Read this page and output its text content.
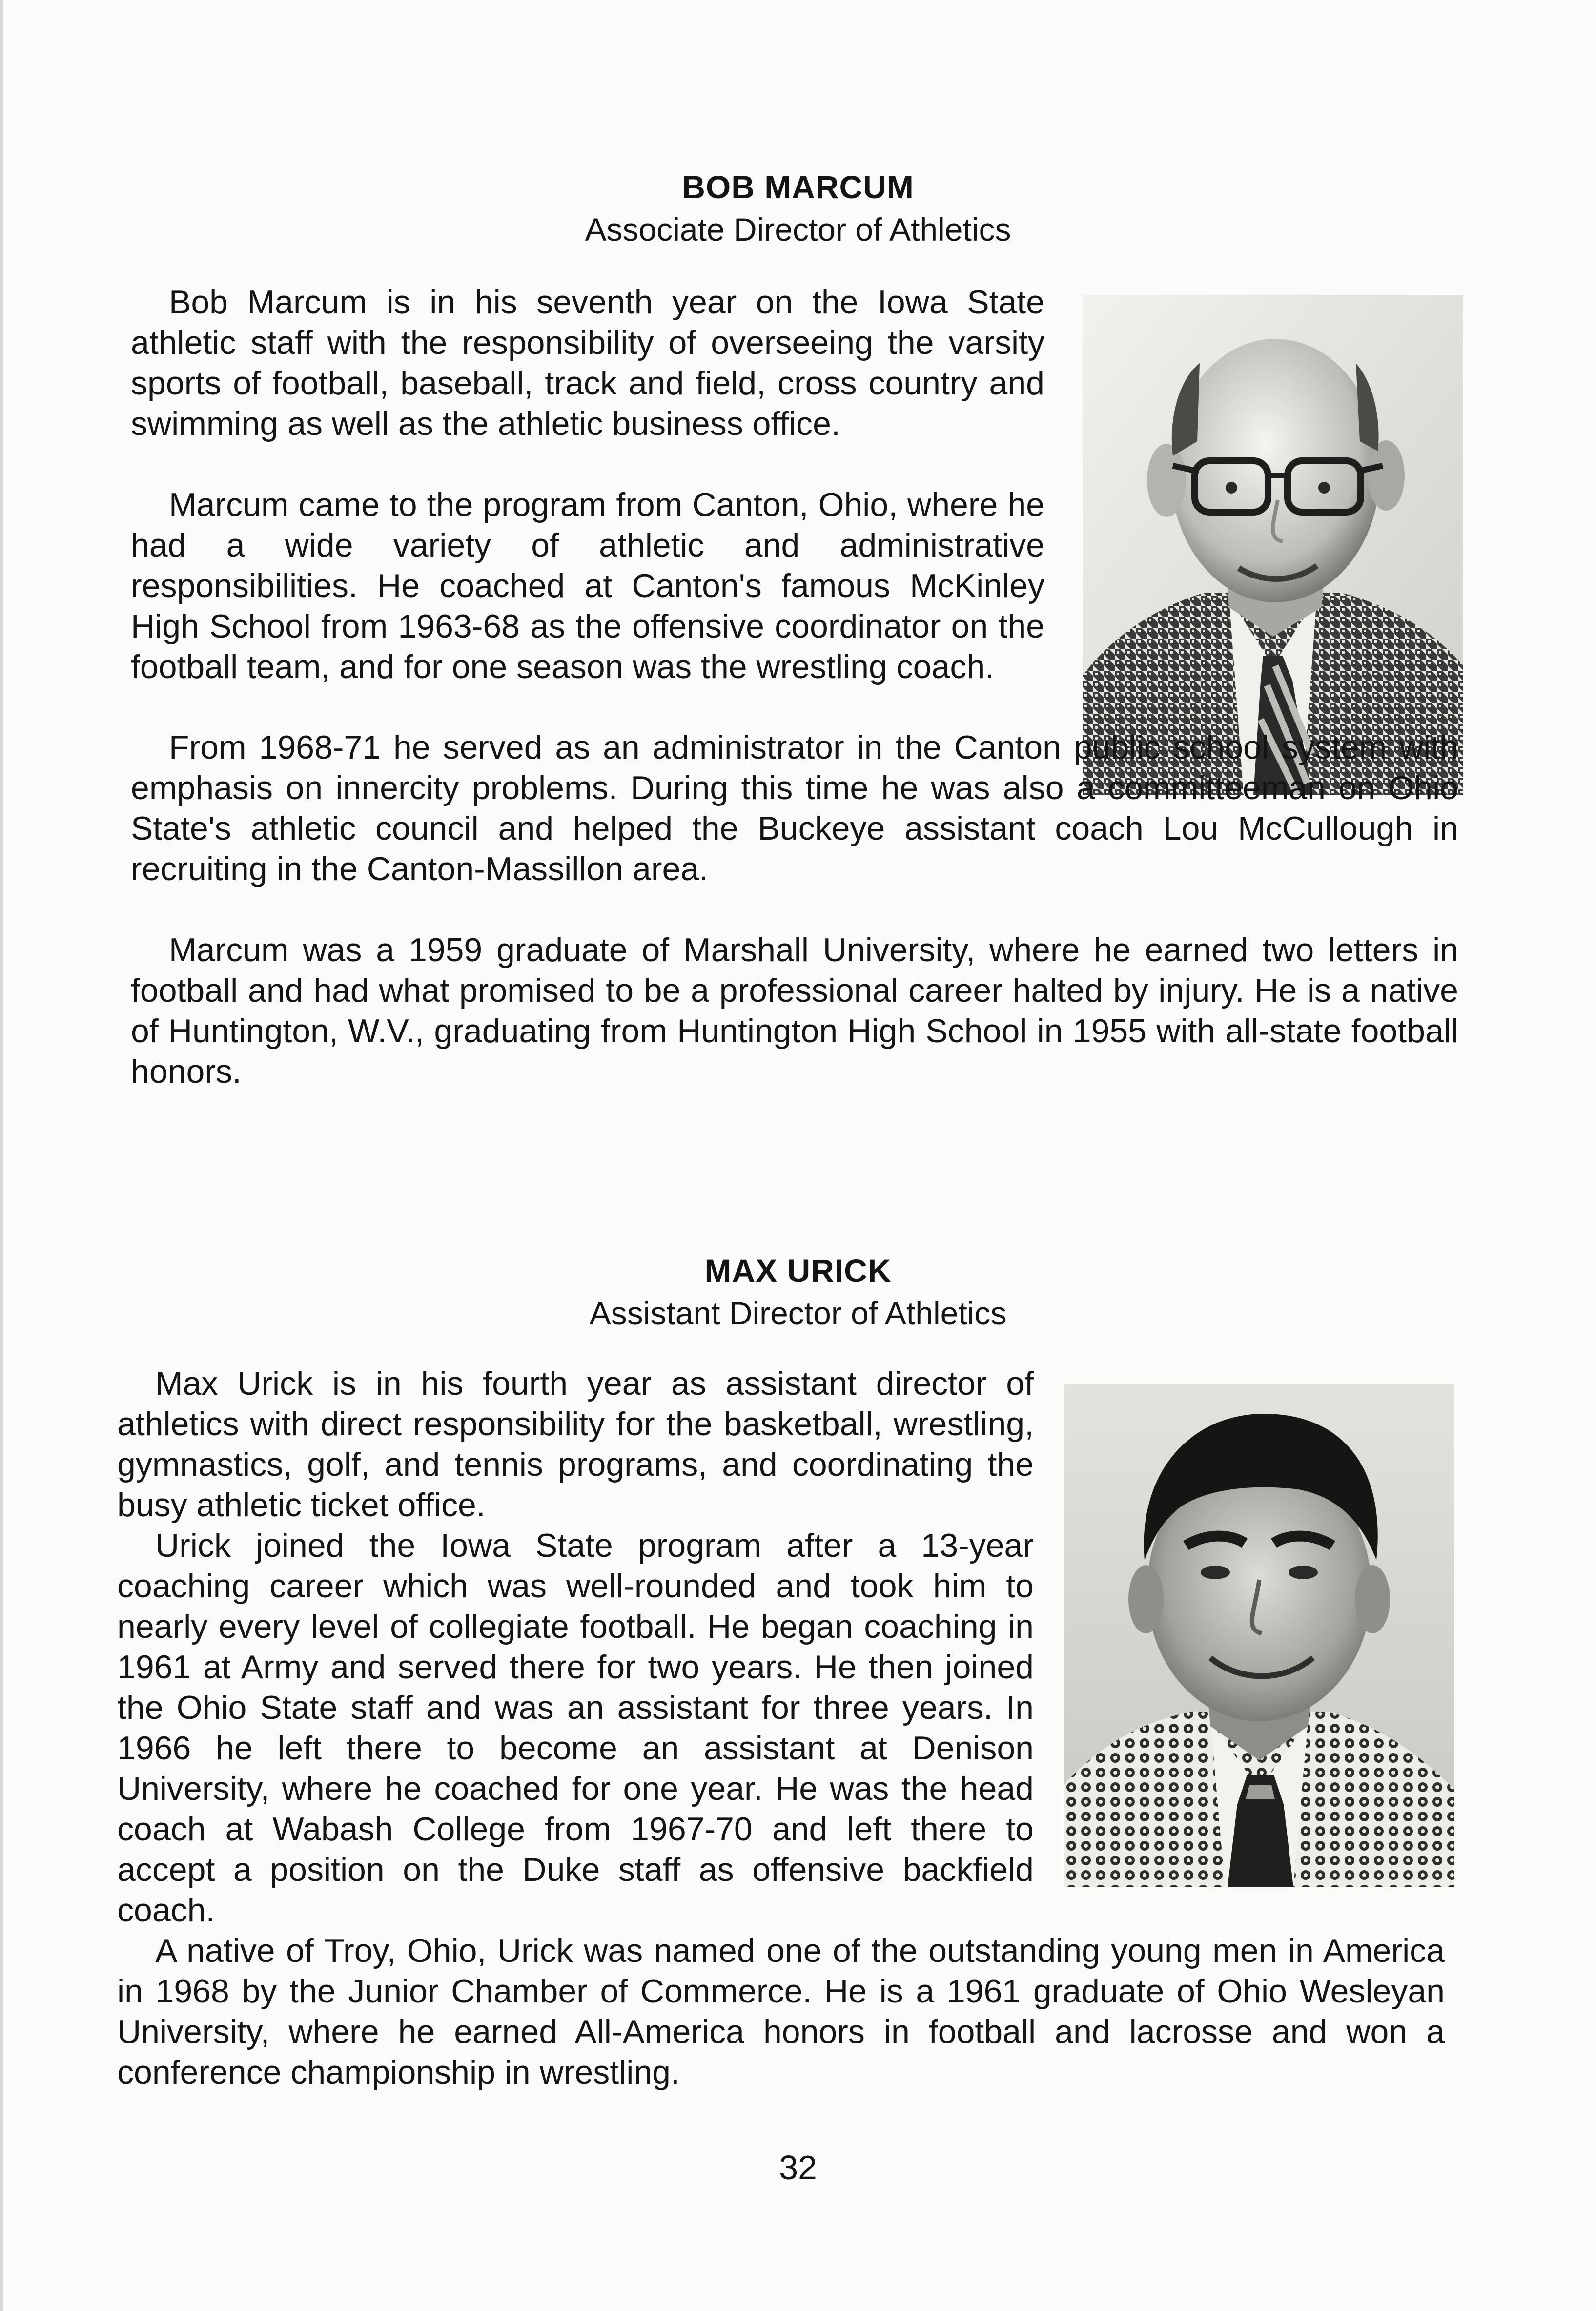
BOB MARCUM
Associate Director of Athletics

Bob Marcum is in his seventh year on the Iowa State athletic staff with the responsibility of overseeing the varsity sports of football, baseball, track and field, cross country and swimming as well as the athletic business office.

Marcum came to the program from Canton, Ohio, where he had a wide variety of athletic and administrative responsibilities. He coached at Canton's famous McKinley High School from 1963-68 as the offensive coordinator on the football team, and for one season was the wrestling coach.

From 1968-71 he served as an administrator in the Canton public school system with emphasis on innercity problems. During this time he was also a committeeman on Ohio State's athletic council and helped the Buckeye assistant coach Lou McCullough in recruiting in the Canton-Massillon area.

Marcum was a 1959 graduate of Marshall University, where he earned two letters in football and had what promised to be a professional career halted by injury. He is a native of Huntington, W.V., graduating from Huntington High School in 1955 with all-state football honors.

MAX URICK
Assistant Director of Athletics

Max Urick is in his fourth year as assistant director of athletics with direct responsibility for the basketball, wrestling, gymnastics, golf, and tennis programs, and coordinating the busy athletic ticket office.

Urick joined the Iowa State program after a 13-year coaching career which was well-rounded and took him to nearly every level of collegiate football. He began coaching in 1961 at Army and served there for two years. He then joined the Ohio State staff and was an assistant for three years. In 1966 he left there to become an assistant at Denison University, where he coached for one year. He was the head coach at Wabash College from 1967-70 and left there to accept a position on the Duke staff as offensive backfield coach.

A native of Troy, Ohio, Urick was named one of the outstanding young men in America in 1968 by the Junior Chamber of Commerce. He is a 1961 graduate of Ohio Wesleyan University, where he earned All-America honors in football and lacrosse and won a conference championship in wrestling.

32
